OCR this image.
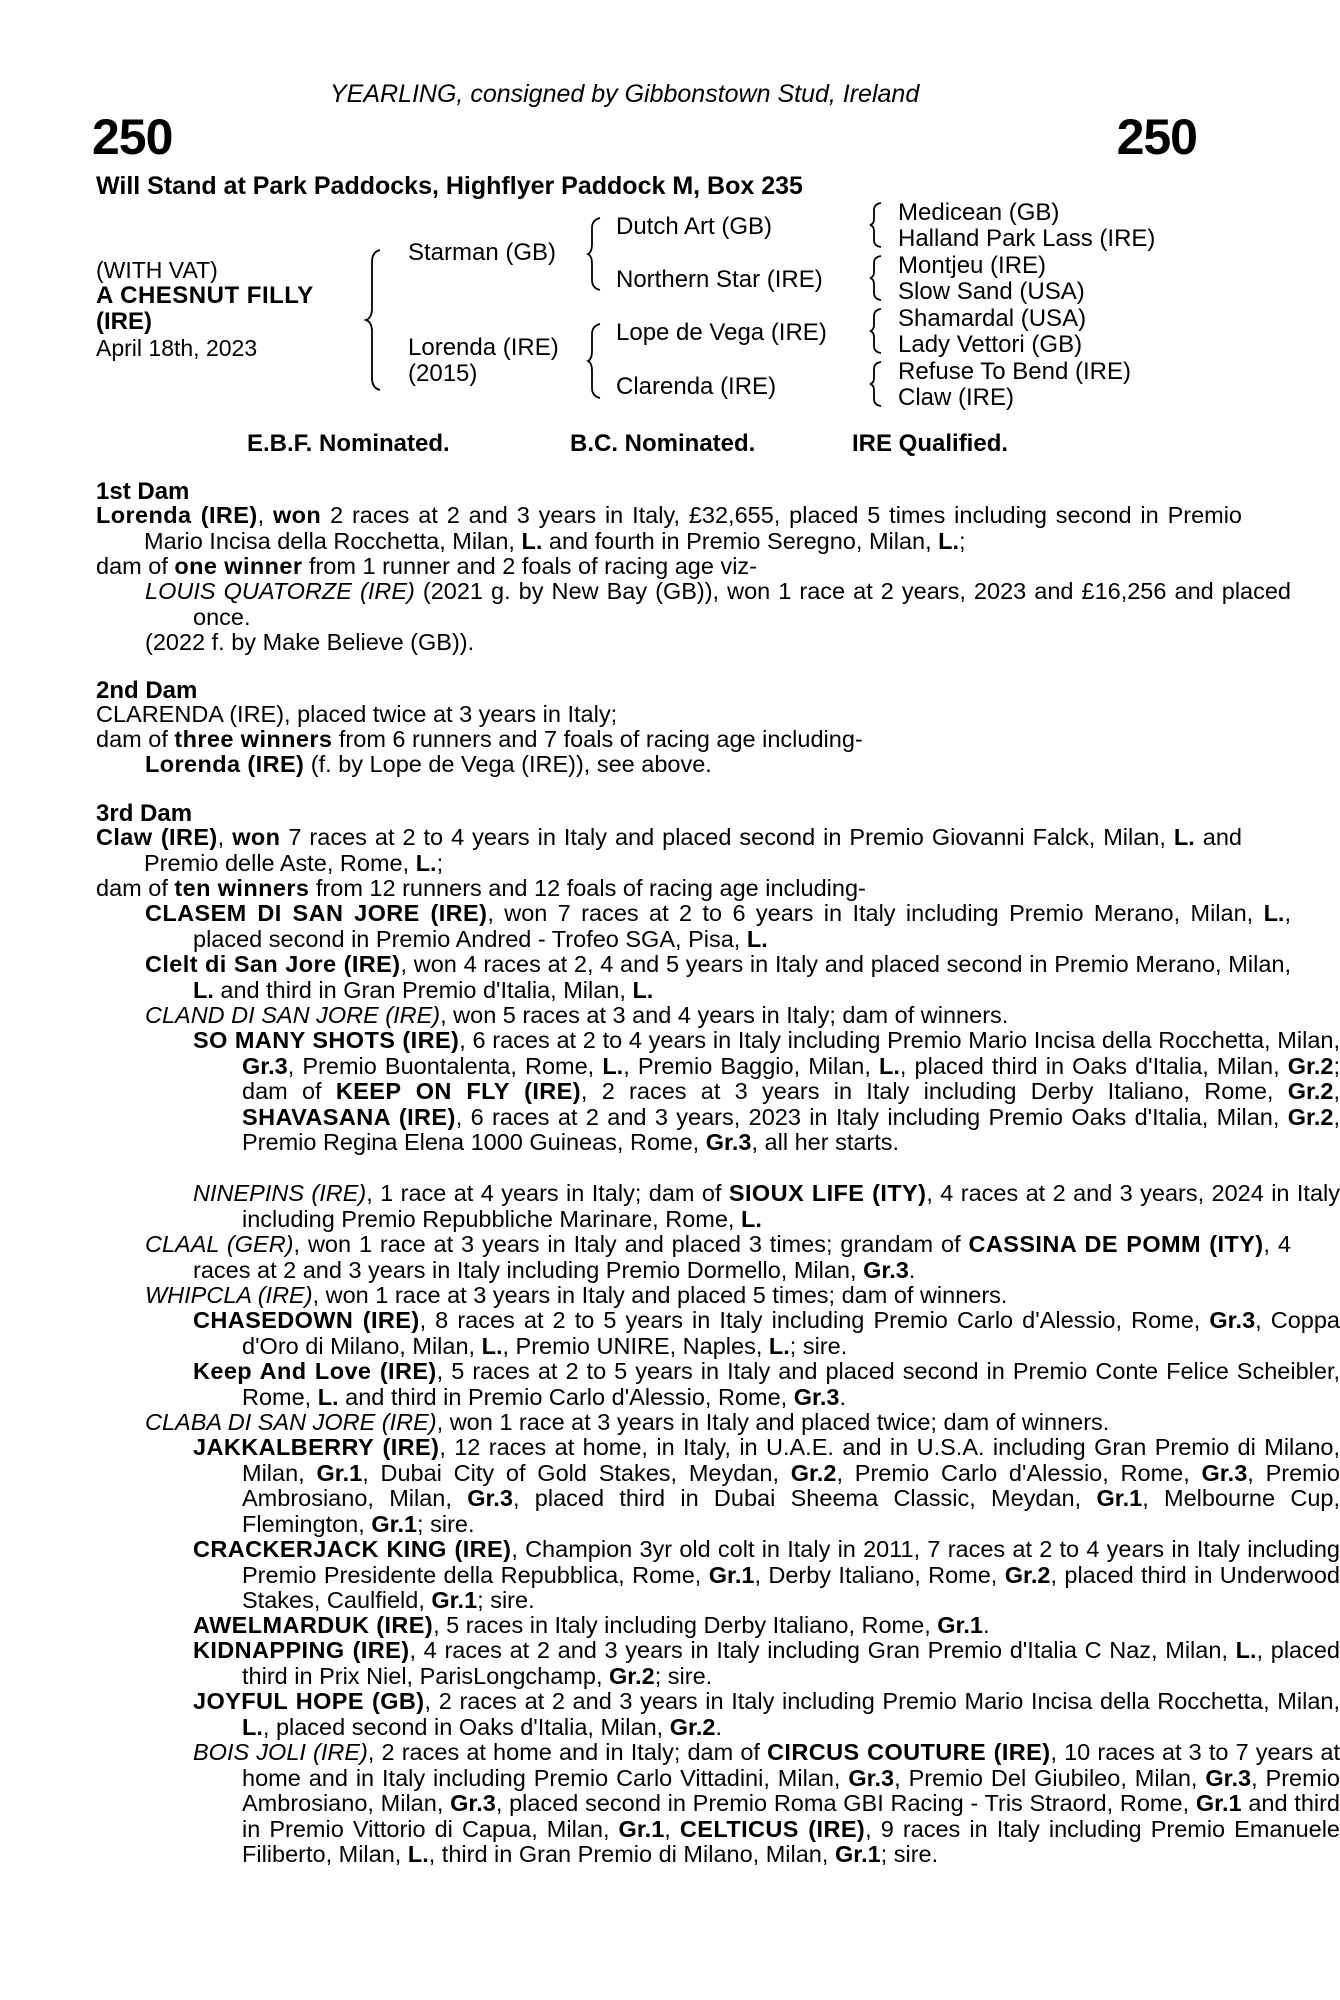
YEARLING, consigned by Gibbonstown Stud, Ireland
250	250
Will Stand at Park Paddocks, Highflyer Paddock M, Box 235
(WITH VAT)
A CHESNUT FILLY
(IRE)
April 18th, 2023
Starman (GB)
Lorenda (IRE)
(2015)
Dutch Art (GB)
Northern Star (IRE)
Lope de Vega (IRE)
Clarenda (IRE)
Medicean (GB)
Halland Park Lass (IRE)
Montjeu (IRE)
Slow Sand (USA)
Shamardal (USA)
Lady Vettori (GB)
Refuse To Bend (IRE)
Claw (IRE)
E.B.F. Nominated.	B.C. Nominated.	IRE Qualified.
1st Dam
Lorenda (IRE), won 2 races at 2 and 3 years in Italy, £32,655, placed 5 times including second in Premio Mario Incisa della Rocchetta, Milan, L. and fourth in Premio Seregno, Milan, L.;
dam of one winner from 1 runner and 2 foals of racing age viz-
LOUIS QUATORZE (IRE) (2021 g. by New Bay (GB)), won 1 race at 2 years, 2023 and £16,256 and placed once.
(2022 f. by Make Believe (GB)).
2nd Dam
CLARENDA (IRE), placed twice at 3 years in Italy;
dam of three winners from 6 runners and 7 foals of racing age including-
Lorenda (IRE) (f. by Lope de Vega (IRE)), see above.
3rd Dam
Claw (IRE), won 7 races at 2 to 4 years in Italy and placed second in Premio Giovanni Falck, Milan, L. and Premio delle Aste, Rome, L.;
dam of ten winners from 12 runners and 12 foals of racing age including-
CLASEM DI SAN JORE (IRE), won 7 races at 2 to 6 years in Italy including Premio Merano, Milan, L., placed second in Premio Andred - Trofeo SGA, Pisa, L.
Clelt di San Jore (IRE), won 4 races at 2, 4 and 5 years in Italy and placed second in Premio Merano, Milan, L. and third in Gran Premio d'Italia, Milan, L.
CLAND DI SAN JORE (IRE), won 5 races at 3 and 4 years in Italy; dam of winners.
SO MANY SHOTS (IRE), 6 races at 2 to 4 years in Italy including Premio Mario Incisa della Rocchetta, Milan, Gr.3, Premio Buontalenta, Rome, L., Premio Baggio, Milan, L., placed third in Oaks d'Italia, Milan, Gr.2; dam of KEEP ON FLY (IRE), 2 races at 3 years in Italy including Derby Italiano, Rome, Gr.2, SHAVASANA (IRE), 6 races at 2 and 3 years, 2023 in Italy including Premio Oaks d'Italia, Milan, Gr.2, Premio Regina Elena 1000 Guineas, Rome, Gr.3, all her starts.
NINEPINS (IRE), 1 race at 4 years in Italy; dam of SIOUX LIFE (ITY), 4 races at 2 and 3 years, 2024 in Italy including Premio Repubbliche Marinare, Rome, L.
CLAAL (GER), won 1 race at 3 years in Italy and placed 3 times; grandam of CASSINA DE POMM (ITY), 4 races at 2 and 3 years in Italy including Premio Dormello, Milan, Gr.3.
WHIPCLA (IRE), won 1 race at 3 years in Italy and placed 5 times; dam of winners.
CHASEDOWN (IRE), 8 races at 2 to 5 years in Italy including Premio Carlo d'Alessio, Rome, Gr.3, Coppa d'Oro di Milano, Milan, L., Premio UNIRE, Naples, L.; sire.
Keep And Love (IRE), 5 races at 2 to 5 years in Italy and placed second in Premio Conte Felice Scheibler, Rome, L. and third in Premio Carlo d'Alessio, Rome, Gr.3.
CLABA DI SAN JORE (IRE), won 1 race at 3 years in Italy and placed twice; dam of winners.
JAKKALBERRY (IRE), 12 races at home, in Italy, in U.A.E. and in U.S.A. including Gran Premio di Milano, Milan, Gr.1, Dubai City of Gold Stakes, Meydan, Gr.2, Premio Carlo d'Alessio, Rome, Gr.3, Premio Ambrosiano, Milan, Gr.3, placed third in Dubai Sheema Classic, Meydan, Gr.1, Melbourne Cup, Flemington, Gr.1; sire.
CRACKERJACK KING (IRE), Champion 3yr old colt in Italy in 2011, 7 races at 2 to 4 years in Italy including Premio Presidente della Repubblica, Rome, Gr.1, Derby Italiano, Rome, Gr.2, placed third in Underwood Stakes, Caulfield, Gr.1; sire.
AWELMARDUK (IRE), 5 races in Italy including Derby Italiano, Rome, Gr.1.
KIDNAPPING (IRE), 4 races at 2 and 3 years in Italy including Gran Premio d'Italia C Naz, Milan, L., placed third in Prix Niel, ParisLongchamp, Gr.2; sire.
JOYFUL HOPE (GB), 2 races at 2 and 3 years in Italy including Premio Mario Incisa della Rocchetta, Milan, L., placed second in Oaks d'Italia, Milan, Gr.2.
BOIS JOLI (IRE), 2 races at home and in Italy; dam of CIRCUS COUTURE (IRE), 10 races at 3 to 7 years at home and in Italy including Premio Carlo Vittadini, Milan, Gr.3, Premio Del Giubileo, Milan, Gr.3, Premio Ambrosiano, Milan, Gr.3, placed second in Premio Roma GBI Racing - Tris Straord, Rome, Gr.1 and third in Premio Vittorio di Capua, Milan, Gr.1, CELTICUS (IRE), 9 races in Italy including Premio Emanuele Filiberto, Milan, L., third in Gran Premio di Milano, Milan, Gr.1; sire.
